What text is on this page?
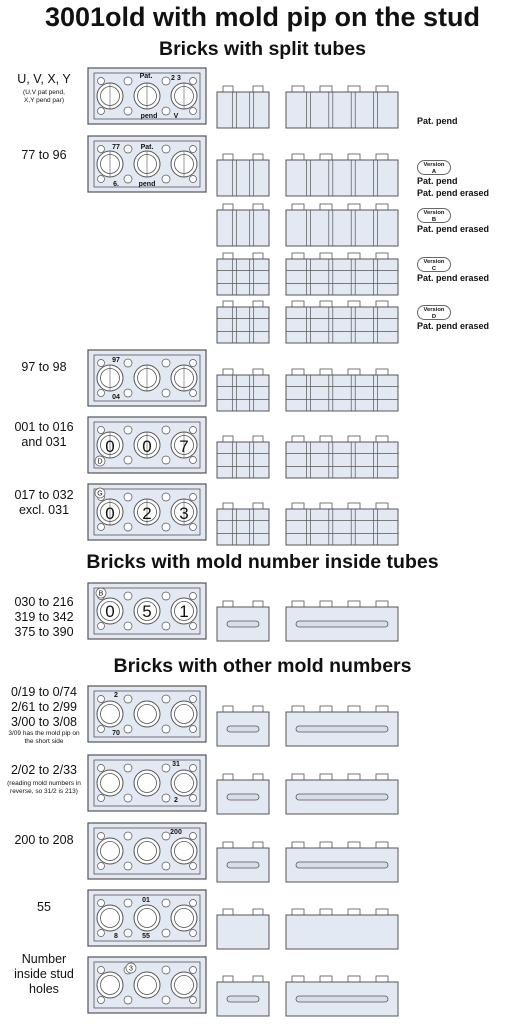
3001old with mold pip on the stud
Bricks with split tubes
Bricks with mold number inside tubes
Bricks with other mold numbers
U, V, X, Y
(U,V pat pend,
X,Y pend par)
77 to 96
97 to 98
001 to 016
and 031
017 to 032
excl. 031
030 to 216
319 to 342
375 to 390
0/19 to 0/74
2/61 to 2/99
3/00 to 3/08
3/09 has the mold pip on
the short side
2/02 to 2/33
(reading mold numbers in
reverse, so 31/2 is 213)
200 to 208
55
Number
inside stud
holes
Pat. pend
Version
A
Pat. pend
Pat. pend erased
Version
B
Pat. pend erased
Version
C
Pat. pend erased
Version
D
Pat. pend erased
Pat.	2 3
pend V
77	Pat.
6.	pend
97
04
0 0 7
D
0 2 3
G
0 5 1
B
2
70
31
2
200
01
8	55
3
